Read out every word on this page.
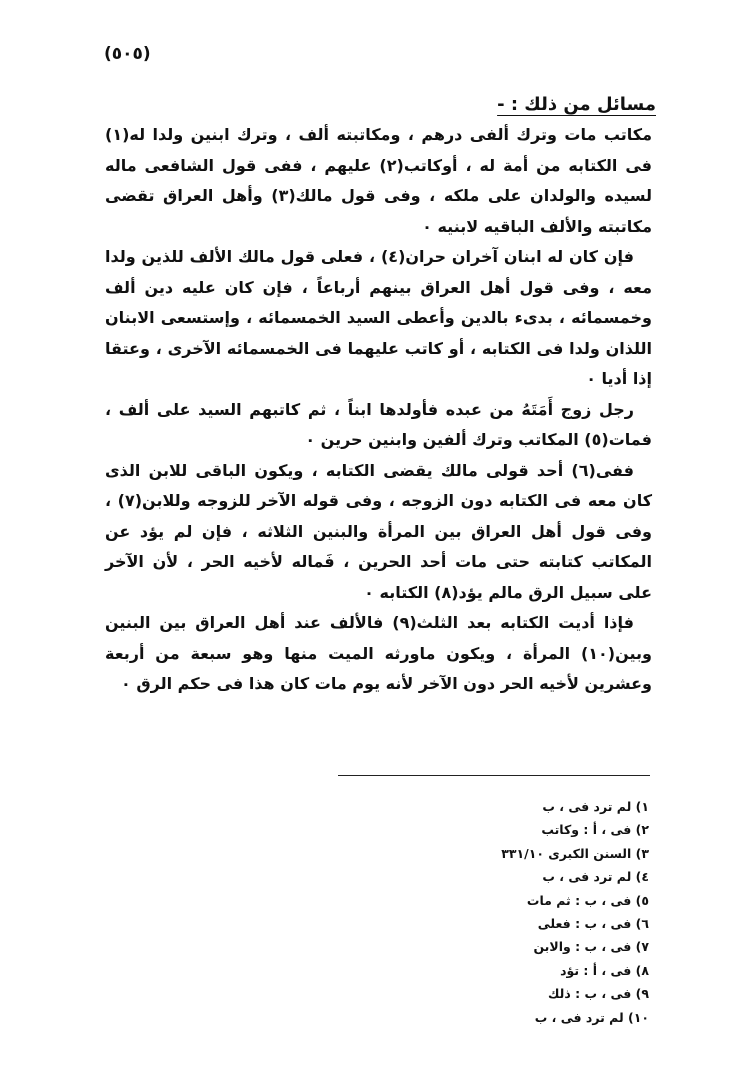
(٥٠٥)
مسائل من ذلك : -

مكاتب مات وترك ألفى درهم ، ومكاتبته ألف ، وترك ابنين ولدا له(١) فى الكتابه من أمة له ، أوكاتب(٢) عليهم ، ففى قول الشافعى ماله لسيده والولدان على ملكه ، وفى قول مالك(٣) وأهل العراق تقضى مكاتبته والألف الباقيه لابنيه ٠

فإن كان له ابنان آخران حران(٤) ، فعلى قول مالك الألف للذين ولدا معه ، وفى قول أهل العراق بينهم أرباعاً ، فإن كان عليه دين ألف وخمسمائه ، بدىء بالدين وأعطى السيد الخمسمائه ، وإستسعى الابنان اللذان ولدا فى الكتابه ، أو كاتب عليهما فى الخمسمائه الآخرى ، وعتقا إذا أديا ٠

رجل زوج أَمَتَهُ من عبده فأولدها ابناً ، ثم كاتبهم السيد على ألف ، فمات(٥) المكاتب وترك ألفين وابنين حرين ٠

ففى(٦) أحد قولى مالك يقضى الكتابه ، ويكون الباقى للابن الذى كان معه فى الكتابه دون الزوجه ، وفى قوله الآخر للزوجه وللابن(٧) ، وفى قول أهل العراق بين المرأة والبنين الثلاثه ، فإن لم يؤد عن المكاتب كتابته حتى مات أحد الحرين ، فَماله لأخيه الحر ، لأن الآخر على سبيل الرق مالم يؤد(٨) الكتابه ٠

فإذا أديت الكتابه بعد الثلث(٩) فالألف عند أهل العراق بين البنين وبين(١٠) المرأة ، ويكون ماورثه الميت منها وهو سبعة من أربعة وعشرين لأخيه الحر دون الآخر لأنه يوم مات كان هذا فى حكم الرق ٠

١) لم ترد فى ، ب
٢) فى ، أ : وكاتب
٣) السنن الكبرى ٣٣١/١٠
٤) لم ترد فى ، ب
٥) فى ، ب : ثم مات
٦) فى ، ب : فعلى
٧) فى ، ب : والابن
٨) فى ، أ : تؤد
٩) فى ، ب : ذلك
١٠) لم ترد فى ، ب
